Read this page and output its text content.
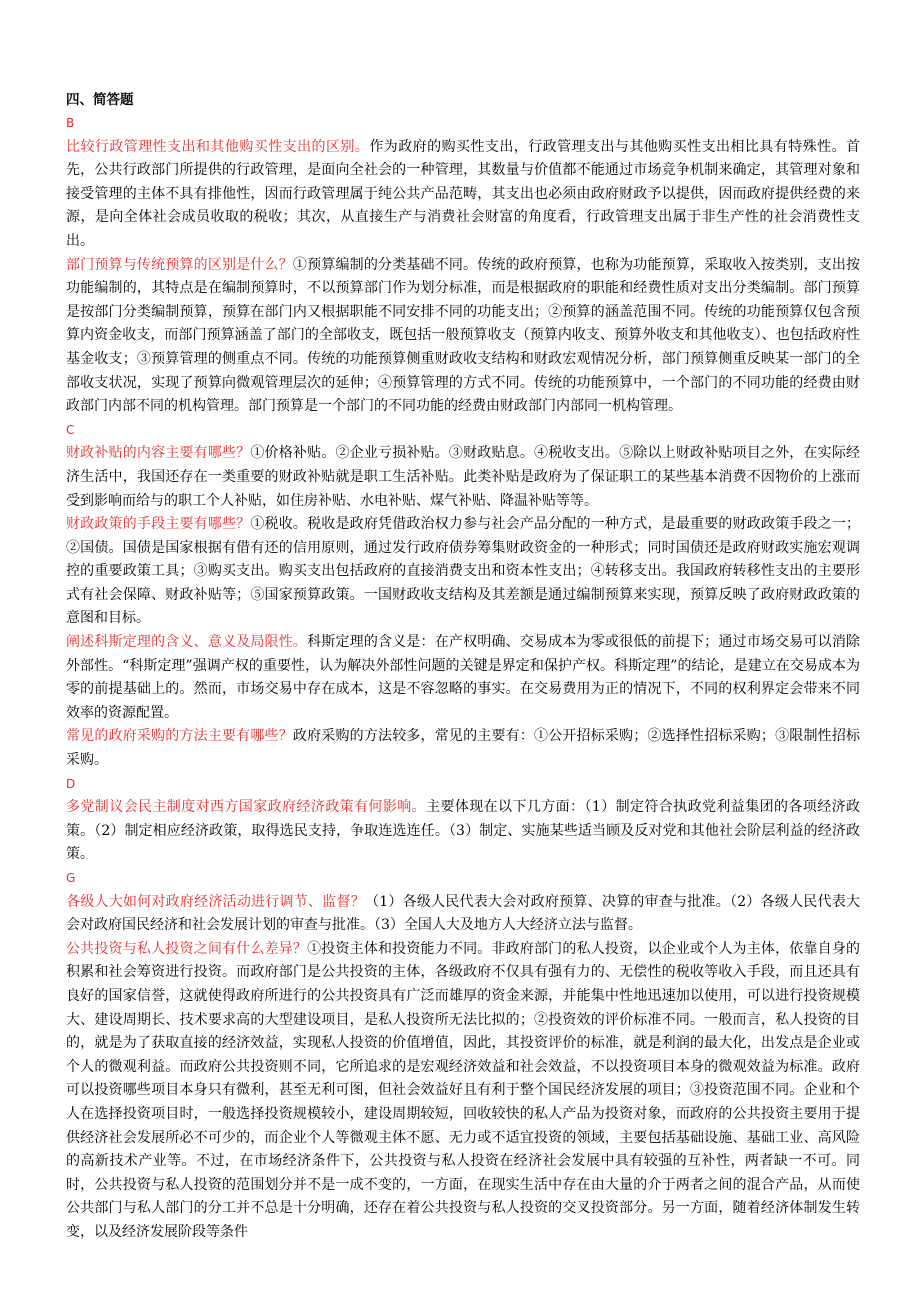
四、简答题

B

比较行政管理性支出和其他购买性支出的区别。作为政府的购买性支出，行政管理支出与其他购买性支出相比具有特殊性。首先，公共行政部门所提供的行政管理，是面向全社会的一种管理，其数量与价值都不能通过市场竞争机制来确定，其管理对象和接受管理的主体不具有排他性，因而行政管理属于纯公共产品范畴，其支出也必须由政府财政予以提供，因而政府提供经费的来源，是向全体社会成员收取的税收；其次，从直接生产与消费社会财富的角度看，行政管理支出属于非生产性的社会消费性支出。

部门预算与传统预算的区别是什么？①预算编制的分类基础不同。传统的政府预算，也称为功能预算，采取收入按类别，支出按功能编制的，其特点是在编制预算时，不以预算部门作为划分标准，而是根据政府的职能和经费性质对支出分类编制。部门预算是按部门分类编制预算，预算在部门内又根据职能不同安排不同的功能支出；②预算的涵盖范围不同。传统的功能预算仅包含预算内资金收支，而部门预算涵盖了部门的全部收支，既包括一般预算收支（预算内收支、预算外收支和其他收支）、也包括政府性基金收支；③预算管理的侧重点不同。传统的功能预算侧重财政收支结构和财政宏观情况分析，部门预算侧重反映某一部门的全部收支状况，实现了预算向微观管理层次的延伸；④预算管理的方式不同。传统的功能预算中，一个部门的不同功能的经费由财政部门内部不同的机构管理。部门预算是一个部门的不同功能的经费由财政部门内部同一机构管理。

C

财政补贴的内容主要有哪些？①价格补贴。②企业亏损补贴。③财政贴息。④税收支出。⑤除以上财政补贴项目之外，在实际经济生活中，我国还存在一类重要的财政补贴就是职工生活补贴。此类补贴是政府为了保证职工的某些基本消费不因物价的上涨而受到影响而给与的职工个人补贴，如住房补贴、水电补贴、煤气补贴、降温补贴等等。

财政政策的手段主要有哪些？①税收。税收是政府凭借政治权力参与社会产品分配的一种方式，是最重要的财政政策手段之一；②国债。国债是国家根据有借有还的信用原则，通过发行政府债券筹集财政资金的一种形式；同时国债还是政府财政实施宏观调控的重要政策工具；③购买支出。购买支出包括政府的直接消费支出和资本性支出；④转移支出。我国政府转移性支出的主要形式有社会保障、财政补贴等；⑤国家预算政策。一国财政收支结构及其差额是通过编制预算来实现，预算反映了政府财政政策的意图和目标。

阐述科斯定理的含义、意义及局限性。科斯定理的含义是：在产权明确、交易成本为零或很低的前提下；通过市场交易可以消除外部性。“科斯定理”强调产权的重要性，认为解决外部性问题的关键是界定和保护产权。科斯定理”的结论，是建立在交易成本为零的前提基础上的。然而，市场交易中存在成本，这是不容忽略的事实。在交易费用为正的情况下，不同的权利界定会带来不同效率的资源配置。

常见的政府采购的方法主要有哪些？政府采购的方法较多，常见的主要有：①公开招标采购；②选择性招标采购；③限制性招标采购。

D

多党制议会民主制度对西方国家政府经济政策有何影响。主要体现在以下几方面：（1）制定符合执政党利益集团的各项经济政策。（2）制定相应经济政策，取得选民支持，争取连选连任。（3）制定、实施某些适当顾及反对党和其他社会阶层利益的经济政策。

G

各级人大如何对政府经济活动进行调节、监督？（1）各级人民代表大会对政府预算、决算的审查与批准。（2）各级人民代表大会对政府国民经济和社会发展计划的审查与批准。（3）全国人大及地方人大经济立法与监督。

公共投资与私人投资之间有什么差异？①投资主体和投资能力不同。非政府部门的私人投资，以企业或个人为主体，依靠自身的积累和社会筹资进行投资。而政府部门是公共投资的主体，各级政府不仅具有强有力的、无偿性的税收等收入手段，而且还具有良好的国家信誉，这就使得政府所进行的公共投资具有广泛而雄厚的资金来源，并能集中性地迅速加以使用，可以进行投资规模大、建设周期长、技术要求高的大型建设项目，是私人投资所无法比拟的；②投资效的评价标准不同。一般而言，私人投资的目的，就是为了获取直接的经济效益，实现私人投资的价值增值，因此，其投资评价的标准，就是利润的最大化，出发点是企业或个人的微观利益。而政府公共投资则不同，它所追求的是宏观经济效益和社会效益，不以投资项目本身的微观效益为标准。政府可以投资哪些项目本身只有微利，甚至无利可图，但社会效益好且有利于整个国民经济发展的项目；③投资范围不同。企业和个人在选择投资项目时，一般选择投资规模较小，建设周期较短，回收较快的私人产品为投资对象，而政府的公共投资主要用于提供经济社会发展所必不可少的，而企业个人等微观主体不愿、无力或不适宜投资的领域，主要包括基础设施、基础工业、高风险的高新技术产业等。不过，在市场经济条件下，公共投资与私人投资在经济社会发展中具有较强的互补性，两者缺一不可。同时，公共投资与私人投资的范围划分并不是一成不变的，一方面，在现实生活中存在由大量的介于两者之间的混合产品，从而使公共部门与私人部门的分工并不总是十分明确，还存在着公共投资与私人投资的交叉投资部分。另一方面，随着经济体制发生转变，以及经济发展阶段等条件
